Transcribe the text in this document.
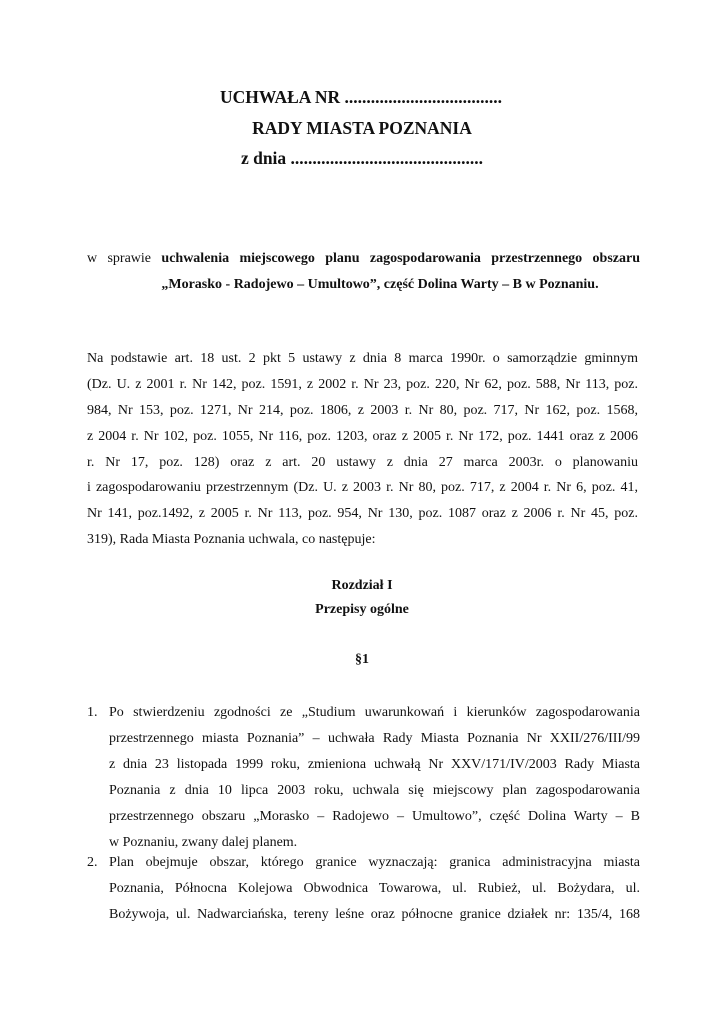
UCHWAŁA NR ....................................
RADY MIASTA POZNANIA
z dnia ............................................
w sprawie uchwalenia miejscowego planu zagospodarowania przestrzennego obszaru
„Morasko - Radojewo – Umultowo”, część Dolina Warty – B w Poznaniu.
Na podstawie art. 18 ust. 2 pkt 5 ustawy z dnia 8 marca 1990r. o samorządzie gminnym
(Dz. U. z 2001 r. Nr 142, poz. 1591, z 2002 r. Nr 23, poz. 220, Nr 62, poz. 588, Nr 113, poz.
984, Nr 153, poz. 1271, Nr 214, poz. 1806, z 2003 r. Nr 80, poz. 717, Nr 162, poz. 1568,
z 2004 r. Nr 102, poz. 1055, Nr 116, poz. 1203, oraz z 2005 r. Nr 172, poz. 1441 oraz z 2006
r. Nr 17, poz. 128) oraz z art. 20 ustawy z dnia 27 marca 2003r. o planowaniu
i zagospodarowaniu przestrzennym (Dz. U. z 2003 r. Nr 80, poz. 717, z 2004 r. Nr 6, poz. 41,
Nr 141, poz.1492, z 2005 r. Nr 113, poz. 954, Nr 130, poz. 1087 oraz z 2006 r. Nr 45, poz.
319), Rada Miasta Poznania uchwala, co następuje:
Rozdział I
Przepisy ogólne
§1
1. Po stwierdzeniu zgodności ze „Studium uwarunkowań i kierunków zagospodarowania
przestrzennego miasta Poznania” – uchwała Rady Miasta Poznania Nr XXII/276/III/99
z dnia 23 listopada 1999 roku, zmieniona uchwałą Nr XXV/171/IV/2003 Rady Miasta
Poznania z dnia 10 lipca 2003 roku, uchwala się miejscowy plan zagospodarowania
przestrzennego obszaru „Morasko – Radojewo – Umultowo”, część Dolina Warty – B
w Poznaniu, zwany dalej planem.
2. Plan obejmuje obszar, którego granice wyznaczają: granica administracyjna miasta
Poznania, Północna Kolejowa Obwodnica Towarowa, ul. Rubież, ul. Bożydara, ul.
Bożywoja, ul. Nadwarciańska, tereny leśne oraz północne granice działek nr: 135/4, 168
